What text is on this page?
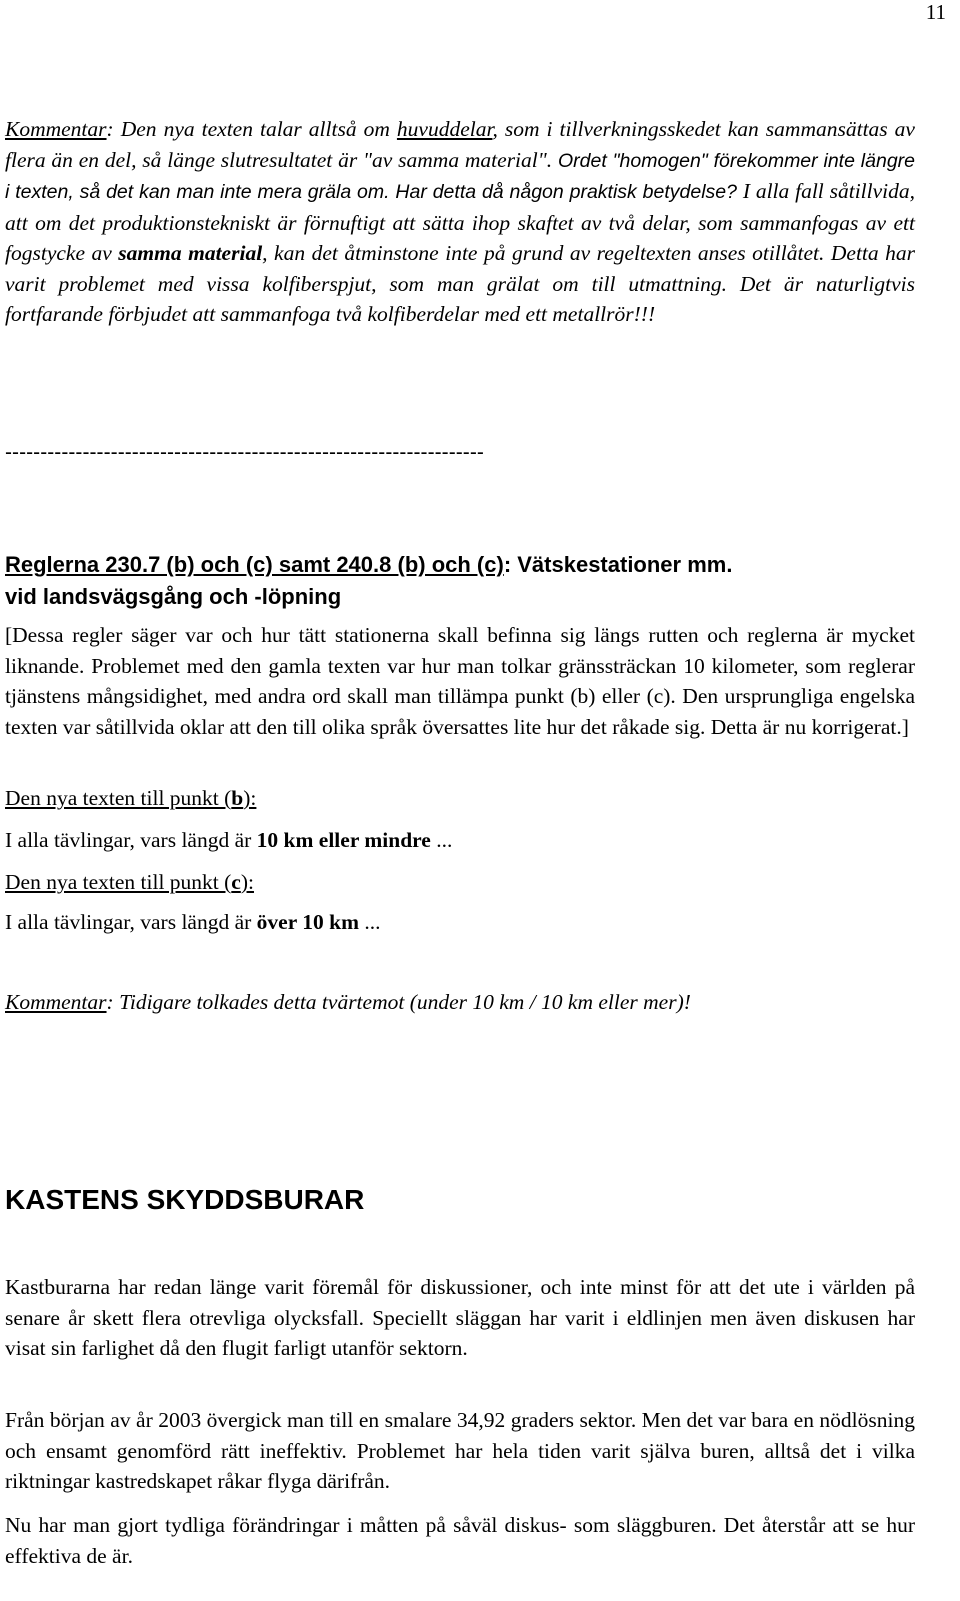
11

Kommentar: Den nya texten talar alltså om huvuddelar, som i tillverkningsskedet kan sammansättas av flera än en del, så länge slutresultatet är "av samma material". Ordet "homogen" förekommer inte längre i texten, så det kan man inte mera gräla om. Har detta då någon praktisk betydelse? I alla fall såtillvida, att om det produktionstekniskt är förnuftigt att sätta ihop skaftet av två delar, som sammanfogas av ett fogstycke av samma material, kan det åtminstone inte på grund av regeltexten anses otillåtet. Detta har varit problemet med vissa kolfiberspjut, som man grälat om till utmattning. Det är naturligtvis fortfarande förbjudet att sammanfoga två kolfiberdelar med ett metallrör!!!

--------------------------------------------------------------------
Reglerna 230.7 (b) och (c) samt 240.8 (b) och (c): Vätskestationer mm.
vid landsvägsgång och -löpning

[Dessa regler säger var och hur tätt stationerna skall befinna sig längs rutten och reglerna är mycket liknande. Problemet med den gamla texten var hur man tolkar gränssträckan 10 kilometer, som reglerar tjänstens mångsidighet, med andra ord skall man tillämpa punkt (b) eller (c). Den ursprungliga engelska texten var såtillvida oklar att den till olika språk översattes lite hur det råkade sig. Detta är nu korrigerat.]

Den nya texten till punkt (b):

I alla tävlingar, vars längd är 10 km eller mindre ...

Den nya texten till punkt (c):

I alla tävlingar, vars längd är över 10 km ...

Kommentar: Tidigare tolkades detta tvärtemot (under 10 km / 10 km eller mer)!

KASTENS SKYDDSBURAR

Kastburarna har redan länge varit föremål för diskussioner, och inte minst för att det ute i världen på senare år skett flera otrevliga olycksfall. Speciellt släggan har varit i eldlinjen men även diskusen har visat sin farlighet då den flugit farligt utanför sektorn.

Från början av år 2003 övergick man till en smalare 34,92 graders sektor. Men det var bara en nödlösning och ensamt genomförd rätt ineffektiv. Problemet har hela tiden varit själva buren, alltså det i vilka riktningar kastredskapet råkar flyga därifrån.

Nu har man gjort tydliga förändringar i måtten på såväl diskus- som släggburen. Det återstår att se hur effektiva de är.
